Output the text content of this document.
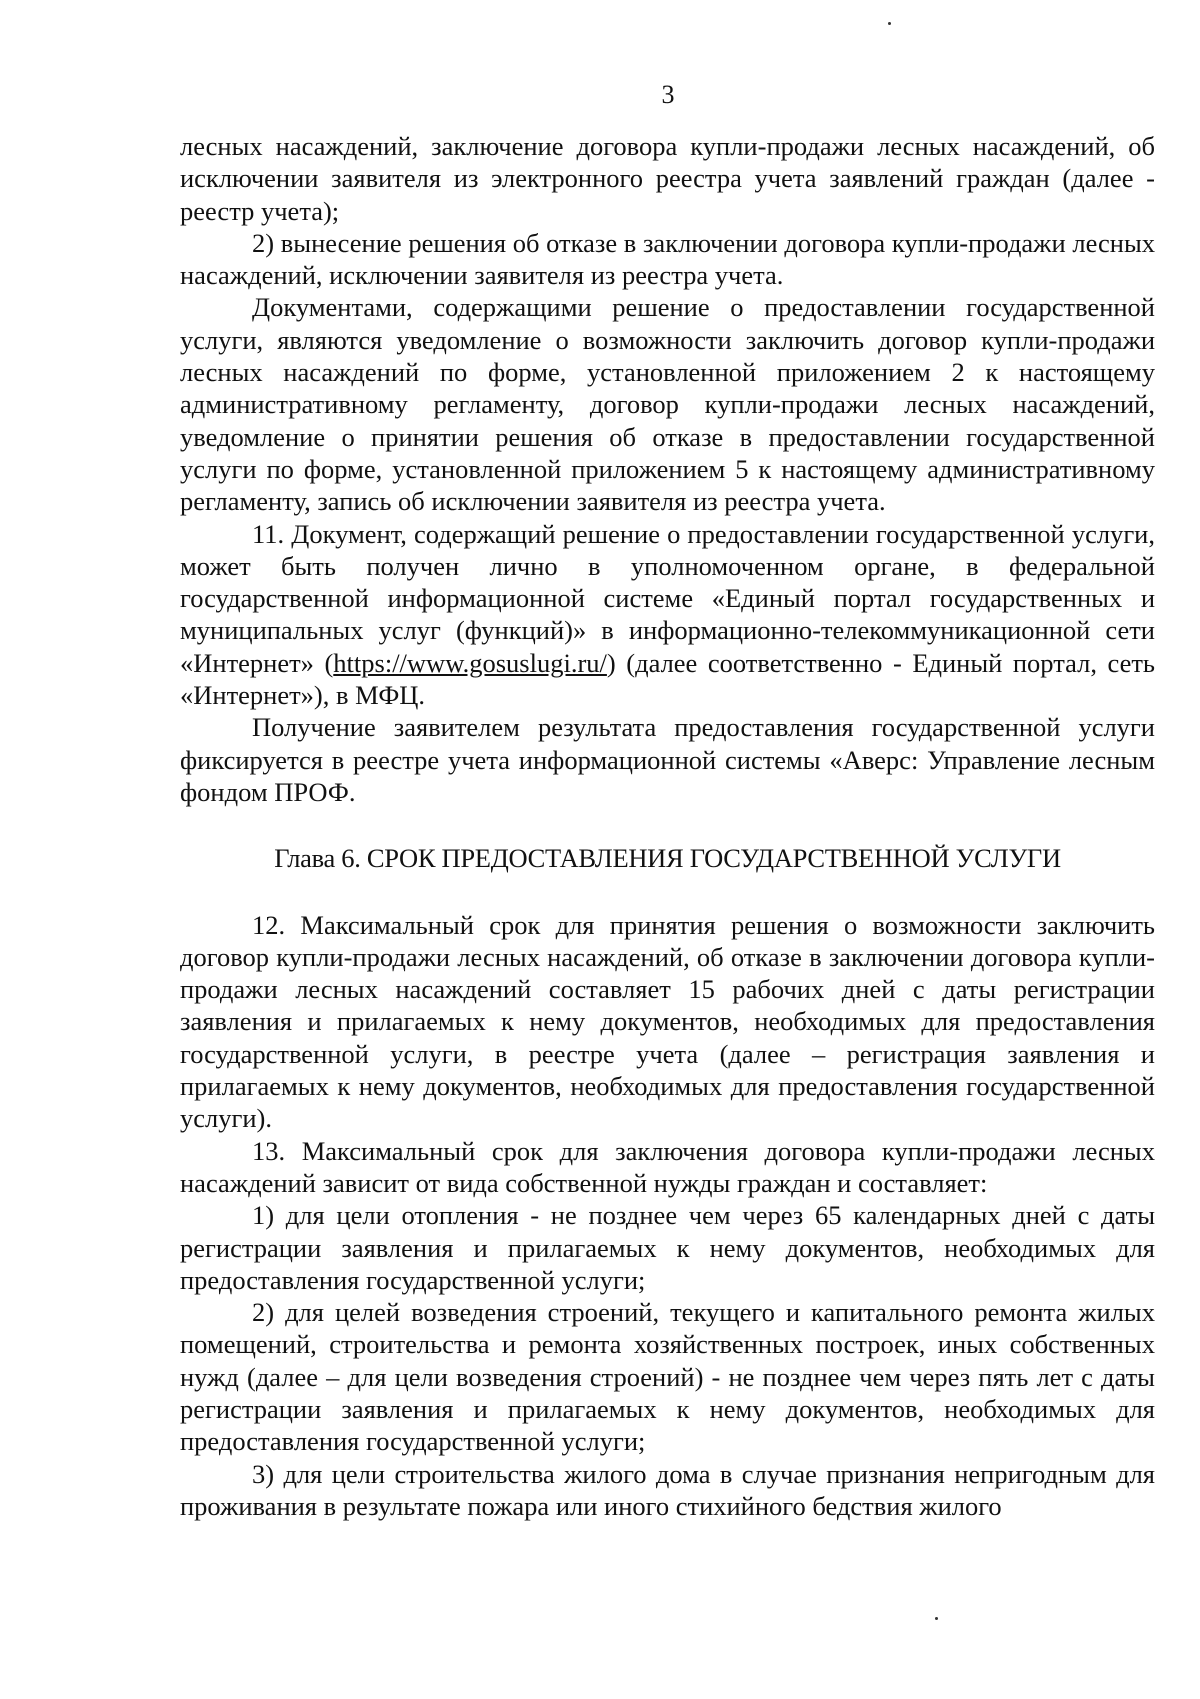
3

лесных насаждений, заключение договора купли-продажи лесных насаждений, об исключении заявителя из электронного реестра учета заявлений граждан (далее - реестр учета);

2) вынесение решения об отказе в заключении договора купли-продажи лесных насаждений, исключении заявителя из реестра учета.

Документами, содержащими решение о предоставлении государственной услуги, являются уведомление о возможности заключить договор купли-продажи лесных насаждений по форме, установленной приложением 2 к настоящему административному регламенту, договор купли-продажи лесных насаждений, уведомление о принятии решения об отказе в предоставлении государственной услуги по форме, установленной приложением 5 к настоящему административному регламенту, запись об исключении заявителя из реестра учета.

11. Документ, содержащий решение о предоставлении государственной услуги, может быть получен лично в уполномоченном органе, в федеральной государственной информационной системе «Единый портал государственных и муниципальных услуг (функций)» в информационно-телекоммуникационной сети «Интернет» (https://www.gosuslugi.ru/) (далее соответственно - Единый портал, сеть «Интернет»), в МФЦ.

Получение заявителем результата предоставления государственной услуги фиксируется в реестре учета информационной системы «Аверс: Управление лесным фондом ПРОФ.

Глава 6. СРОК ПРЕДОСТАВЛЕНИЯ ГОСУДАРСТВЕННОЙ УСЛУГИ

12. Максимальный срок для принятия решения о возможности заключить договор купли-продажи лесных насаждений, об отказе в заключении договора купли-продажи лесных насаждений составляет 15 рабочих дней с даты регистрации заявления и прилагаемых к нему документов, необходимых для предоставления государственной услуги, в реестре учета (далее – регистрация заявления и прилагаемых к нему документов, необходимых для предоставления государственной услуги).

13. Максимальный срок для заключения договора купли-продажи лесных насаждений зависит от вида собственной нужды граждан и составляет:

1) для цели отопления - не позднее чем через 65 календарных дней с даты регистрации заявления и прилагаемых к нему документов, необходимых для предоставления государственной услуги;

2) для целей возведения строений, текущего и капитального ремонта жилых помещений, строительства и ремонта хозяйственных построек, иных собственных нужд (далее – для цели возведения строений) - не позднее чем через пять лет с даты регистрации заявления и прилагаемых к нему документов, необходимых для предоставления государственной услуги;

3) для цели строительства жилого дома в случае признания непригодным для проживания в результате пожара или иного стихийного бедствия жилого
